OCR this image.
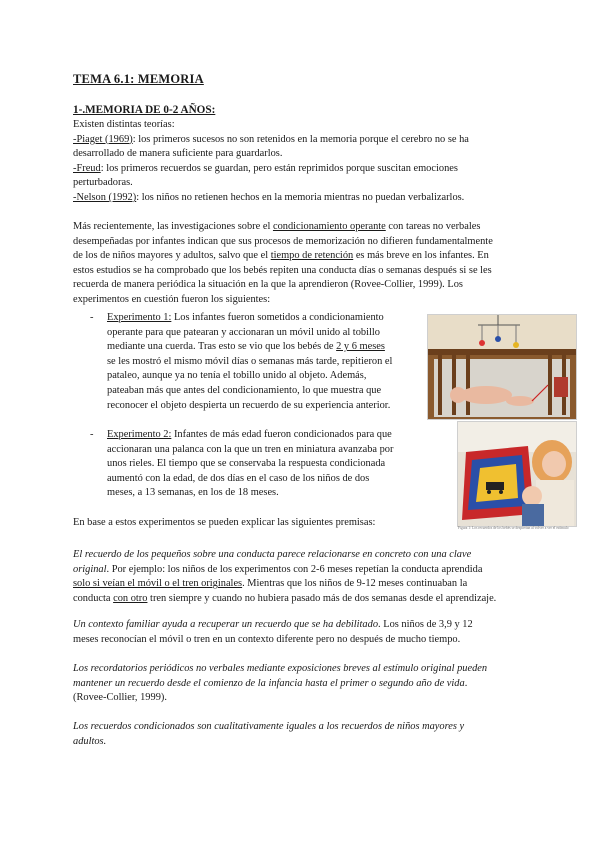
TEMA 6.1: MEMORIA
1-.MEMORIA DE 0-2 AÑOS:
Existen distintas teorías:
-Piaget (1969): los primeros sucesos no son retenidos en la memoria porque el cerebro no se ha
desarrollado de manera suficiente para guardarlos.
-Freud: los primeros recuerdos se guardan, pero están reprimidos porque suscitan emociones
perturbadoras.
-Nelson (1992): los niños no retienen hechos en la memoria mientras no puedan verbalizarlos.
Más recientemente, las investigaciones sobre el condicionamiento operante con tareas no verbales
desempeñadas por infantes indican que sus procesos de memorización no difieren fundamentalmente
de los de niños mayores y adultos, salvo que el tiempo de retención es más breve en los infantes. En
estos estudios se ha comprobado que los bebés repiten una conducta días o semanas después si se les
recuerda de manera periódica la situación en la que la aprendieron (Rovee-Collier, 1999). Los
experimentos en cuestión fueron los siguientes:
- Experimento 1: Los infantes fueron sometidos a condicionamiento
operante para que patearan y accionaran un móvil unido al tobillo
mediante una cuerda. Tras esto se vio que los bebés de 2 y 6 meses
se les mostró el mismo móvil días o semanas más tarde, repitieron el
pataleo, aunque ya no tenía el tobillo unido al objeto. Además,
pateaban más que antes del condicionamiento, lo que muestra que
reconocer el objeto despierta un recuerdo de su experiencia anterior.
- Experimento 2: Infantes de más edad fueron condicionados para que
accionaran una palanca con la que un tren en miniatura avanzaba por
unos rieles. El tiempo que se conservaba la respuesta condicionada
aumentó con la edad, de dos días en el caso de los niños de dos
meses, a 13 semanas, en los de 18 meses.
Figura 1: Los recuerdos de los bebés se despiertan al volver a ver el estímulo
En base a estos experimentos se pueden explicar las siguientes premisas:
El recuerdo de los pequeños sobre una conducta parece relacionarse en concreto con una clave
original. Por ejemplo: los niños de los experimentos con 2-6 meses repetían la conducta aprendida
solo si veían el móvil o el tren originales. Mientras que los niños de 9-12 meses continuaban la
conducta con otro tren siempre y cuando no hubiera pasado más de dos semanas desde el aprendizaje.
Un contexto familiar ayuda a recuperar un recuerdo que se ha debilitado. Los niños de 3,9 y 12
meses reconocían el móvil o tren en un contexto diferente pero no después de mucho tiempo.
Los recordatorios periódicos no verbales mediante exposiciones breves al estímulo original pueden
mantener un recuerdo desde el comienzo de la infancia hasta el primer o segundo año de vida.
(Rovee-Collier, 1999).
Los recuerdos condicionados son cualitativamente iguales a los recuerdos de niños mayores y
adultos.
